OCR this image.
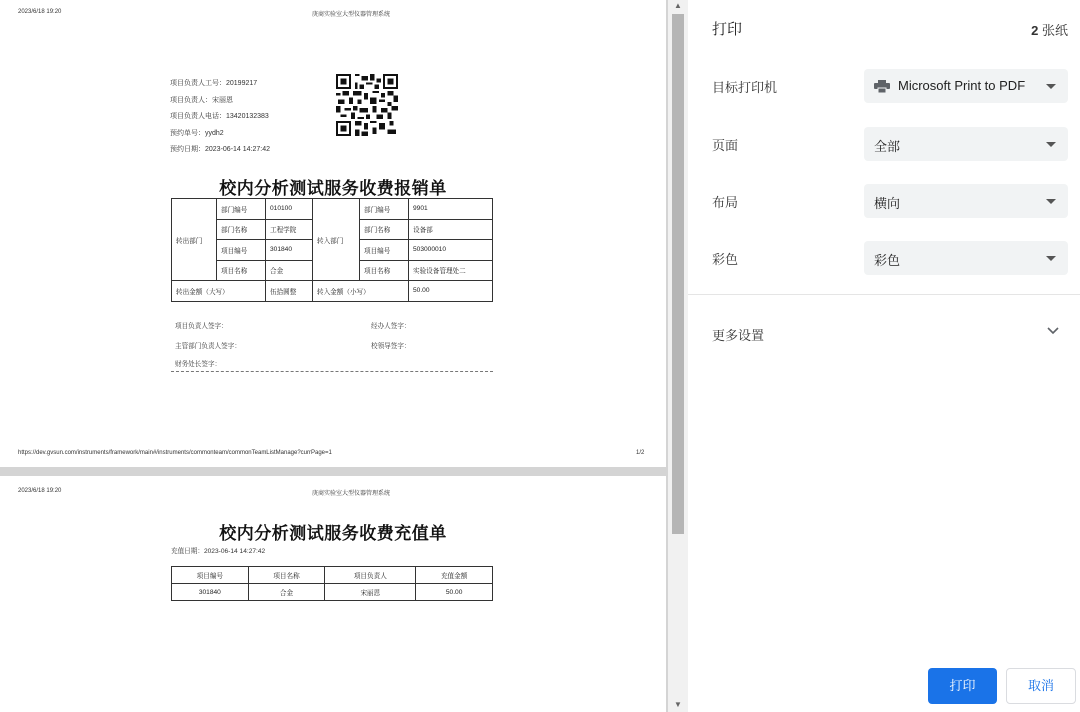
2023/6/18 19:20	庚商实验室大型仪器管理系统
项目负责人工号：20199217
项目负责人：宋丽恩
项目负责人电话：13420132383
预约单号：yydh2
预约日期：2023-06-14 14:27:42
校内分析测试服务收费报销单
转出部门	部门编号	010100	转入部门	部门编号	9901
	部门名称	工程学院		部门名称	设备部
	项目编号	301840		项目编号	503000010
	项目名称	合金		项目名称	实验设备管理处二
转出金额（大写）		伍拾圆整	转入金额（小写）		50.00
项目负责人签字：	经办人签字：
主管部门负责人签字：	校领导签字：
财务处长签字：
https://dev.gvsun.com/instruments/framework/main#/instruments/commonteam/commonTeamListManage?currPage=1	1/2
2023/6/18 19:20	庚商实验室大型仪器管理系统
校内分析测试服务收费充值单
充值日期：2023-06-14 14:27:42
项目编号	项目名称	项目负责人	充值金额
301840	合金	宋丽恩	50.00
▲
▼
打印	2 张纸
目标打印机	Microsoft Print to PDF
页面	全部
布局	横向
彩色	彩色
更多设置
打印	取消
